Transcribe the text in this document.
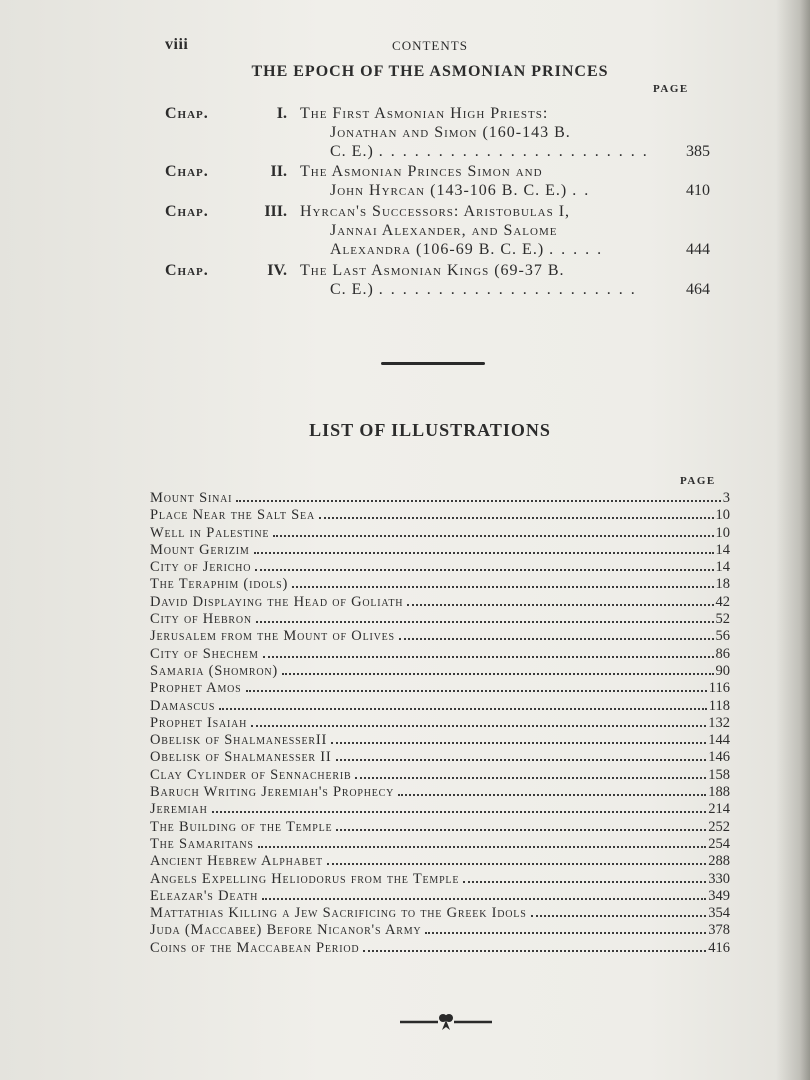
viii	CONTENTS
THE EPOCH OF THE ASMONIAN PRINCES
PAGE
Chap.	I. The First Asmonian High Priests:
Jonathan and Simon (160-143 B.
C. E.) . . . . . . . . . . . . . . . . . . . . . . .	385
Chap.	II. The Asmonian Princes Simon and
John Hyrcan (143-106 B. C. E.) . .	410
Chap.	III. Hyrcan's Successors: Aristobulas I,
Jannai Alexander, and Salome
Alexandra (106-69 B. C. E.) . . . . .	444
Chap.	IV. The Last Asmonian Kings (69-37 B.
C. E.) . . . . . . . . . . . . . . . . . . . . . .	464
LIST OF ILLUSTRATIONS
PAGE
Mount Sinai	3
Place Near the Salt Sea	10
Well in Palestine	10
Mount Gerizim	14
City of Jericho	14
The Teraphim (idols)	18
David Displaying the Head of Goliath	42
City of Hebron	52
Jerusalem from the Mount of Olives	56
City of Shechem	86
Samaria (Shomron)	90
Prophet Amos	116
Damascus	118
Prophet Isaiah	132
Obelisk of ShalmanesserII	144
Obelisk of Shalmanesser II	146
Clay Cylinder of Sennacherib	158
Baruch Writing Jeremiah's Prophecy	188
Jeremiah	214
The Building of the Temple	252
The Samaritans	254
Ancient Hebrew Alphabet	288
Angels Expelling Heliodorus from the Temple	330
Eleazar's Death	349
Mattathias Killing a Jew Sacrificing to the Greek Idols	354
Juda (Maccabee) Before Nicanor's Army	378
Coins of the Maccabean Period	416
